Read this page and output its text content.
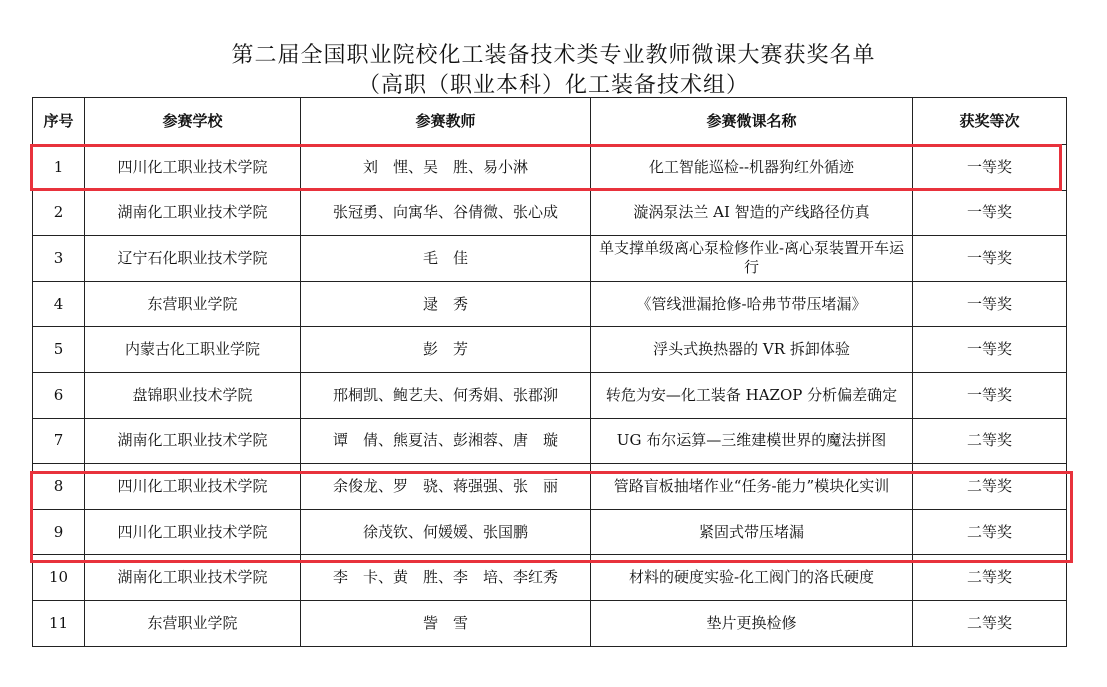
第二届全国职业院校化工装备技术类专业教师微课大赛获奖名单
（高职（职业本科）化工装备技术组）
序号	参赛学校	参赛教师	参赛微课名称	获奖等次
1	四川化工职业技术学院	刘　悝、吴　胜、易小淋	化工智能巡检--机器狗红外循迹	一等奖
2	湖南化工职业技术学院	张冠勇、向寓华、谷倩微、张心成	漩涡泵法兰 AI 智造的产线路径仿真	一等奖
3	辽宁石化职业技术学院	毛　佳	单支撑单级离心泵检修作业-离心泵装置开车运行	一等奖
4	东营职业学院	逯　秀	《管线泄漏抢修-哈弗节带压堵漏》	一等奖
5	内蒙古化工职业学院	彭　芳	浮头式换热器的 VR 拆卸体验	一等奖
6	盘锦职业技术学院	邢桐凯、鲍艺夫、何秀娟、张郡泖	转危为安—化工装备 HAZOP 分析偏差确定	一等奖
7	湖南化工职业技术学院	谭　倩、熊夏洁、彭湘蓉、唐　璇	UG 布尔运算—三维建模世界的魔法拼图	二等奖
8	四川化工职业技术学院	余俊龙、罗　骁、蒋强强、张　丽	管路盲板抽堵作业“任务-能力”模块化实训	二等奖
9	四川化工职业技术学院	徐茂钦、何媛媛、张国鹏	紧固式带压堵漏	二等奖
10	湖南化工职业技术学院	李　卡、黄　胜、李　培、李红秀	材料的硬度实验-化工阀门的洛氏硬度	二等奖
11	东营职业学院	訾　雪	垫片更换检修	二等奖
